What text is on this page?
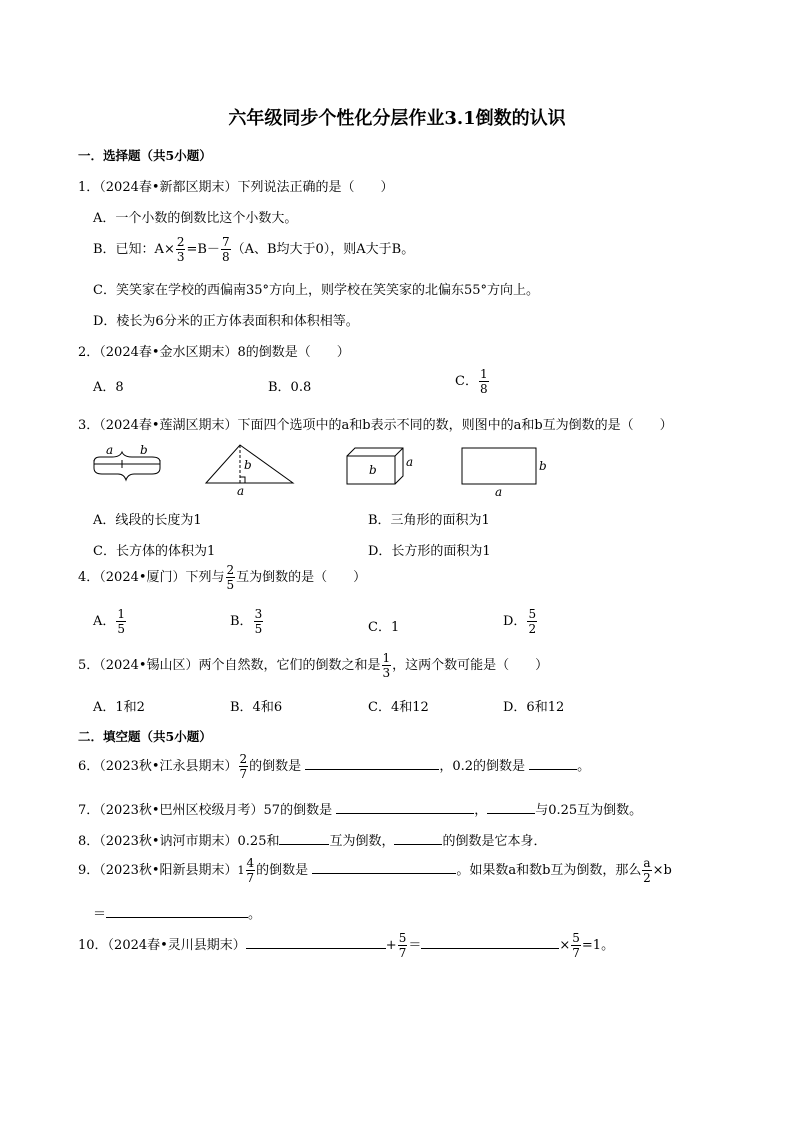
六年级同步个性化分层作业3.1倒数的认识
一．选择题（共5小题）
1．（2024春•新都区期末）下列说法正确的是（　　）
A．一个小数的倒数比这个小数大。
B．已知：$A\times \frac{2}{3} =B- \frac{7}{8} (A$、B均大于0），则A大于B。
C．笑笑家在学校的西偏南35°方向上，则学校在笑笑家的北偏东55°方向上。
D．棱长为6分米的正方体表面积和体积相等。
2．（2024春•金水区期末）8的倒数是（　　）
A．8	B．0.8	C． $\frac{1}{8}$
3．（2024春•莲湖区期末）下面四个选项中的a和b表示不同的数，则图中的a和b互为倒数的是（　　）
a b
b
a
b
a	b
a
A．线段的长度为1	B．三角形的面积为1
C．长方体的体积为1	D．长方形的面积为1
4．（2024•厦门）下列与 $\frac{2}{5}$ 互为倒数的是（　　）
A． $\frac{1}{5}$	B． $\frac{3}{5}$	C．1	D． $\frac{5}{2}$
5．（2024•锡山区）两个自然数，它们的倒数之和是 $\frac{1}{3}$ ，这两个数可能是（　　）
A．1和2	B．4和6	C．4和12	D．6和12
二．填空题（共5小题）
6．（2023秋•江永县期末） $\frac{2}{7}$ 的倒数是	，0.2的倒数是	。
7．（2023秋•巴州区校级月考）57的倒数是	，	与0.25互为倒数。
8．（2023秋•讷河市期末）0.25和	互为倒数，	的倒数是它本身．
9．（2023秋•阳新县期末）$1 \frac{4}{7}$ 的倒数是	。如果数a和数b互为倒数，那么 $\frac{a}{2} \times b$
＝	。
10．（2024春•灵川县期末）	+ $\frac{5}{7}$ ＝	× $\frac{5}{7} =1$。
